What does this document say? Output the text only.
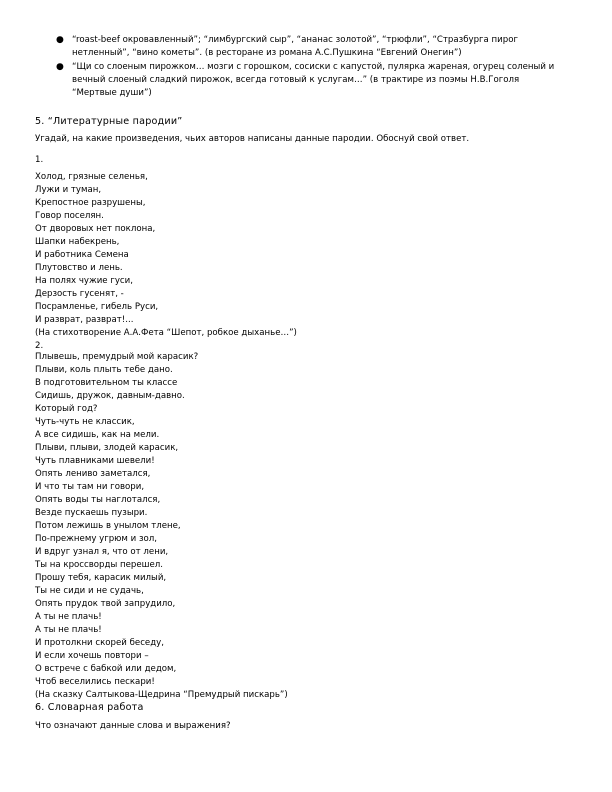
● “roast-beef окровавленный”; “лимбургский сыр”, “ананас золотой”, “трюфли”, “Стразбурга пирог
нетленный”, “вино кометы”. (в ресторане из романа А.С.Пушкина “Евгений Онегин”)
● “Щи со слоеным пирожком… мозги с горошком, сосиски с капустой, пулярка жареная, огурец соленый и
вечный слоеный сладкий пирожок, всегда готовый к услугам…” (в трактире из поэмы Н.В.Гоголя
“Мертвые души”)
5. “Литературные пародии”
Угадай, на какие произведения, чьих авторов написаны данные пародии. Обоснуй свой ответ.
1.
Холод, грязные селенья,
Лужи и туман,
Крепостное разрушены,
Говор поселян.
От дворовых нет поклона,
Шапки набекрень,
И работника Семена
Плутовство и лень.
На полях чужие гуси,
Дерзость гусенят, -
Посрамленье, гибель Руси,
И разврат, разврат!...
(На стихотворение А.А.Фета “Шепот, робкое дыханье…”)
2.
Плывешь, премудрый мой карасик?
Плыви, коль плыть тебе дано.
В подготовительном ты классе
Сидишь, дружок, давным-давно.
Который год?
Чуть-чуть не классик,
А все сидишь, как на мели.
Плыви, плыви, злодей карасик,
Чуть плавниками шевели!
Опять лениво заметался,
И что ты там ни говори,
Опять воды ты наглотался,
Везде пускаешь пузыри.
Потом лежишь в унылом тлене,
По-прежнему угрюм и зол,
И вдруг узнал я, что от лени,
Ты на кроссворды перешел.
Прошу тебя, карасик милый,
Ты не сиди и не судачь,
Опять прудок твой запрудило,
А ты не плачь!
А ты не плачь!
И протолкни скорей беседу,
И если хочешь повтори –
О встрече с бабкой или дедом,
Чтоб веселились пескари!
(На сказку Салтыкова-Щедрина “Премудрый пискарь”)
6. Словарная работа
Что означают данные слова и выражения?
